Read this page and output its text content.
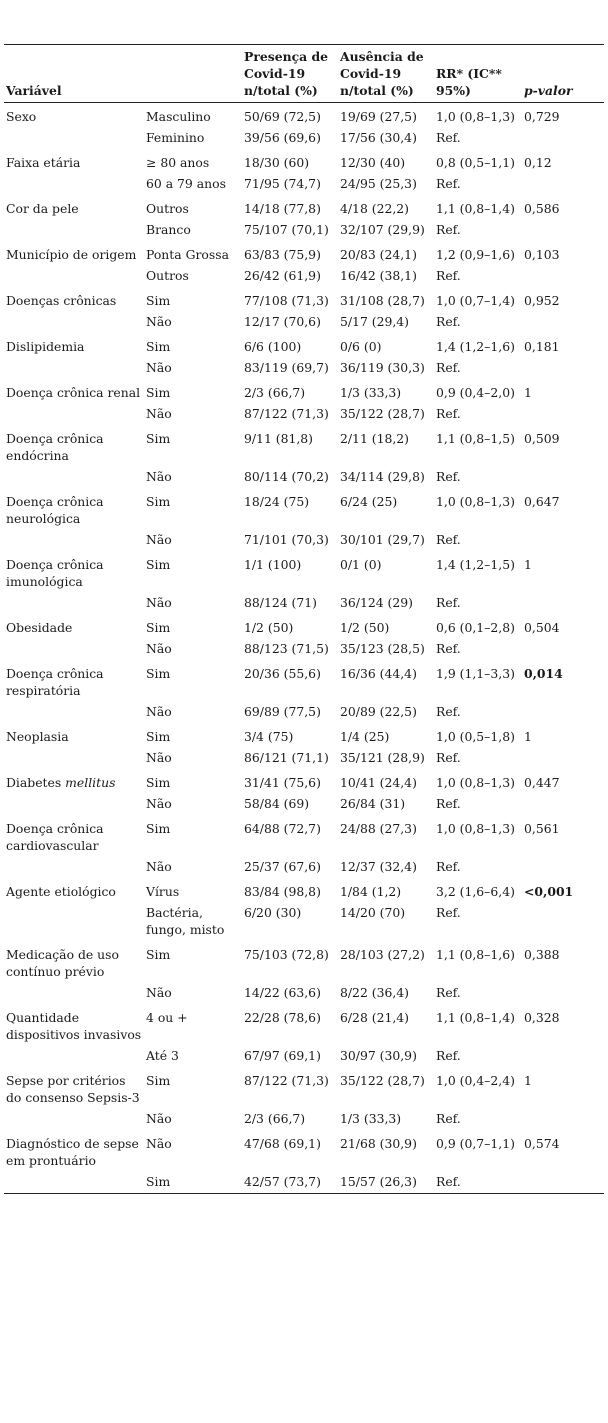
Variável		Presença de Covid-19 n/total (%)	Ausência de Covid-19 n/total (%)	RR* (IC** 95%)	p-valor
Sexo	Masculino	50/69 (72,5)	19/69 (27,5)	1,0 (0,8–1,3)	0,729
	Feminino	39/56 (69,6)	17/56 (30,4)	Ref.	
Faixa etária	≥ 80 anos	18/30 (60)	12/30 (40)	0,8 (0,5–1,1)	0,12
	60 a 79 anos	71/95 (74,7)	24/95 (25,3)	Ref.	
Cor da pele	Outros	14/18 (77,8)	4/18 (22,2)	1,1 (0,8–1,4)	0,586
	Branco	75/107 (70,1)	32/107 (29,9)	Ref.	
Município de origem	Ponta Grossa	63/83 (75,9)	20/83 (24,1)	1,2 (0,9–1,6)	0,103
	Outros	26/42 (61,9)	16/42 (38,1)	Ref.	
Doenças crônicas	Sim	77/108 (71,3)	31/108 (28,7)	1,0 (0,7–1,4)	0,952
	Não	12/17 (70,6)	5/17 (29,4)	Ref.	
Dislipidemia	Sim	6/6 (100)	0/6 (0)	1,4 (1,2–1,6)	0,181
	Não	83/119 (69,7)	36/119 (30,3)	Ref.	
Doença crônica renal	Sim	2/3 (66,7)	1/3 (33,3)	0,9 (0,4–2,0)	1
	Não	87/122 (71,3)	35/122 (28,7)	Ref.	
Doença crônica endócrina	Sim	9/11 (81,8)	2/11 (18,2)	1,1 (0,8–1,5)	0,509
	Não	80/114 (70,2)	34/114 (29,8)	Ref.	
Doença crônica neurológica	Sim	18/24 (75)	6/24 (25)	1,0 (0,8–1,3)	0,647
	Não	71/101 (70,3)	30/101 (29,7)	Ref.	
Doença crônica imunológica	Sim	1/1 (100)	0/1 (0)	1,4 (1,2–1,5)	1
	Não	88/124 (71)	36/124 (29)	Ref.	
Obesidade	Sim	1/2 (50)	1/2 (50)	0,6 (0,1–2,8)	0,504
	Não	88/123 (71,5)	35/123 (28,5)	Ref.	
Doença crônica respiratória	Sim	20/36 (55,6)	16/36 (44,4)	1,9 (1,1–3,3)	0,014
	Não	69/89 (77,5)	20/89 (22,5)	Ref.	
Neoplasia	Sim	3/4 (75)	1/4 (25)	1,0 (0,5–1,8)	1
	Não	86/121 (71,1)	35/121 (28,9)	Ref.	
Diabetes mellitus	Sim	31/41 (75,6)	10/41 (24,4)	1,0 (0,8–1,3)	0,447
	Não	58/84 (69)	26/84 (31)	Ref.	
Doença crônica cardiovascular	Sim	64/88 (72,7)	24/88 (27,3)	1,0 (0,8–1,3)	0,561
	Não	25/37 (67,6)	12/37 (32,4)	Ref.	
Agente etiológico	Vírus	83/84 (98,8)	1/84 (1,2)	3,2 (1,6–6,4)	<0,001
	Bactéria, fungo, misto	6/20 (30)	14/20 (70)	Ref.	
Medicação de uso contínuo prévio	Sim	75/103 (72,8)	28/103 (27,2)	1,1 (0,8–1,6)	0,388
	Não	14/22 (63,6)	8/22 (36,4)	Ref.	
Quantidade dispositivos invasivos	4 ou +	22/28 (78,6)	6/28 (21,4)	1,1 (0,8–1,4)	0,328
	Até 3	67/97 (69,1)	30/97 (30,9)	Ref.	
Sepse por critérios do consenso Sepsis-3	Sim	87/122 (71,3)	35/122 (28,7)	1,0 (0,4–2,4)	1
	Não	2/3 (66,7)	1/3 (33,3)	Ref.	
Diagnóstico de sepse em prontuário	Não	47/68 (69,1)	21/68 (30,9)	0,9 (0,7–1,1)	0,574
	Sim	42/57 (73,7)	15/57 (26,3)	Ref.	
